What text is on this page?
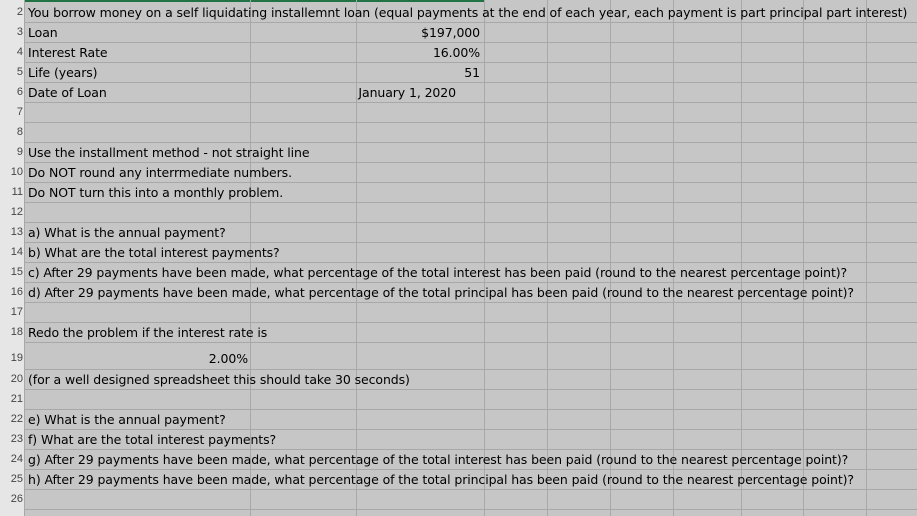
2 You borrow money on a self liquidating installemnt loan (equal payments at the end of each year, each payment is part principal part interest)
3 Loan	$197,000
4 Interest Rate	16.00%
5 Life (years)	51
6 Date of Loan	January 1, 2020
7
8
9 Use the installment method - not straight line
10 Do NOT round any interrmediate numbers.
11 Do NOT turn this into a monthly problem.
12
13 a) What is the annual payment?
14 b) What are the total interest payments?
15 c) After 29 payments have been made, what percentage of the total interest has been paid (round to the nearest percentage point)?
16 d) After 29 payments have been made, what percentage of the total principal has been paid (round to the nearest percentage point)?
17
18 Redo the problem if the interest rate is
19	2.00%
20 (for a well designed spreadsheet this should take 30 seconds)
21
22 e) What is the annual payment?
23 f) What are the total interest payments?
24 g) After 29 payments have been made, what percentage of the total interest has been paid (round to the nearest percentage point)?
25 h) After 29 payments have been made, what percentage of the total principal has been paid (round to the nearest percentage point)?
26
